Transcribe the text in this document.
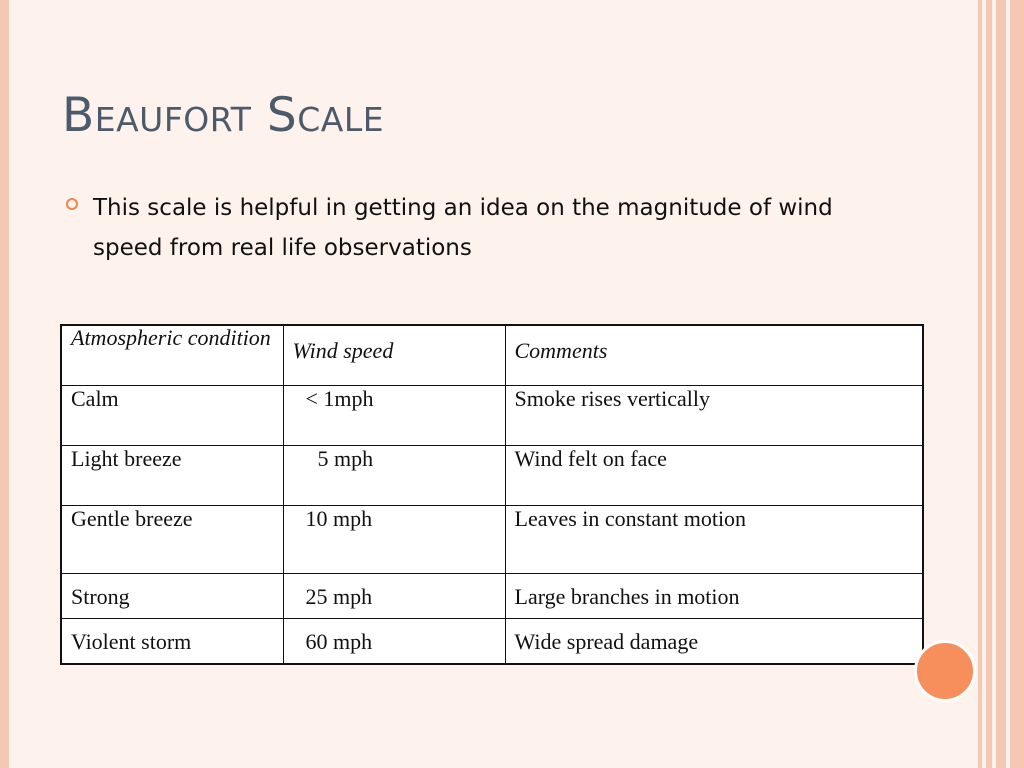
Beaufort Scale
This scale is helpful in getting an idea on the magnitude of wind speed from real life observations
Atmospheric condition	Wind speed	Comments
Calm	< 1mph	Smoke rises vertically
Light breeze	5 mph	Wind felt on face
Gentle breeze	10 mph	Leaves in constant motion
Strong	25 mph	Large branches in motion
Violent storm	60 mph	Wide spread damage
